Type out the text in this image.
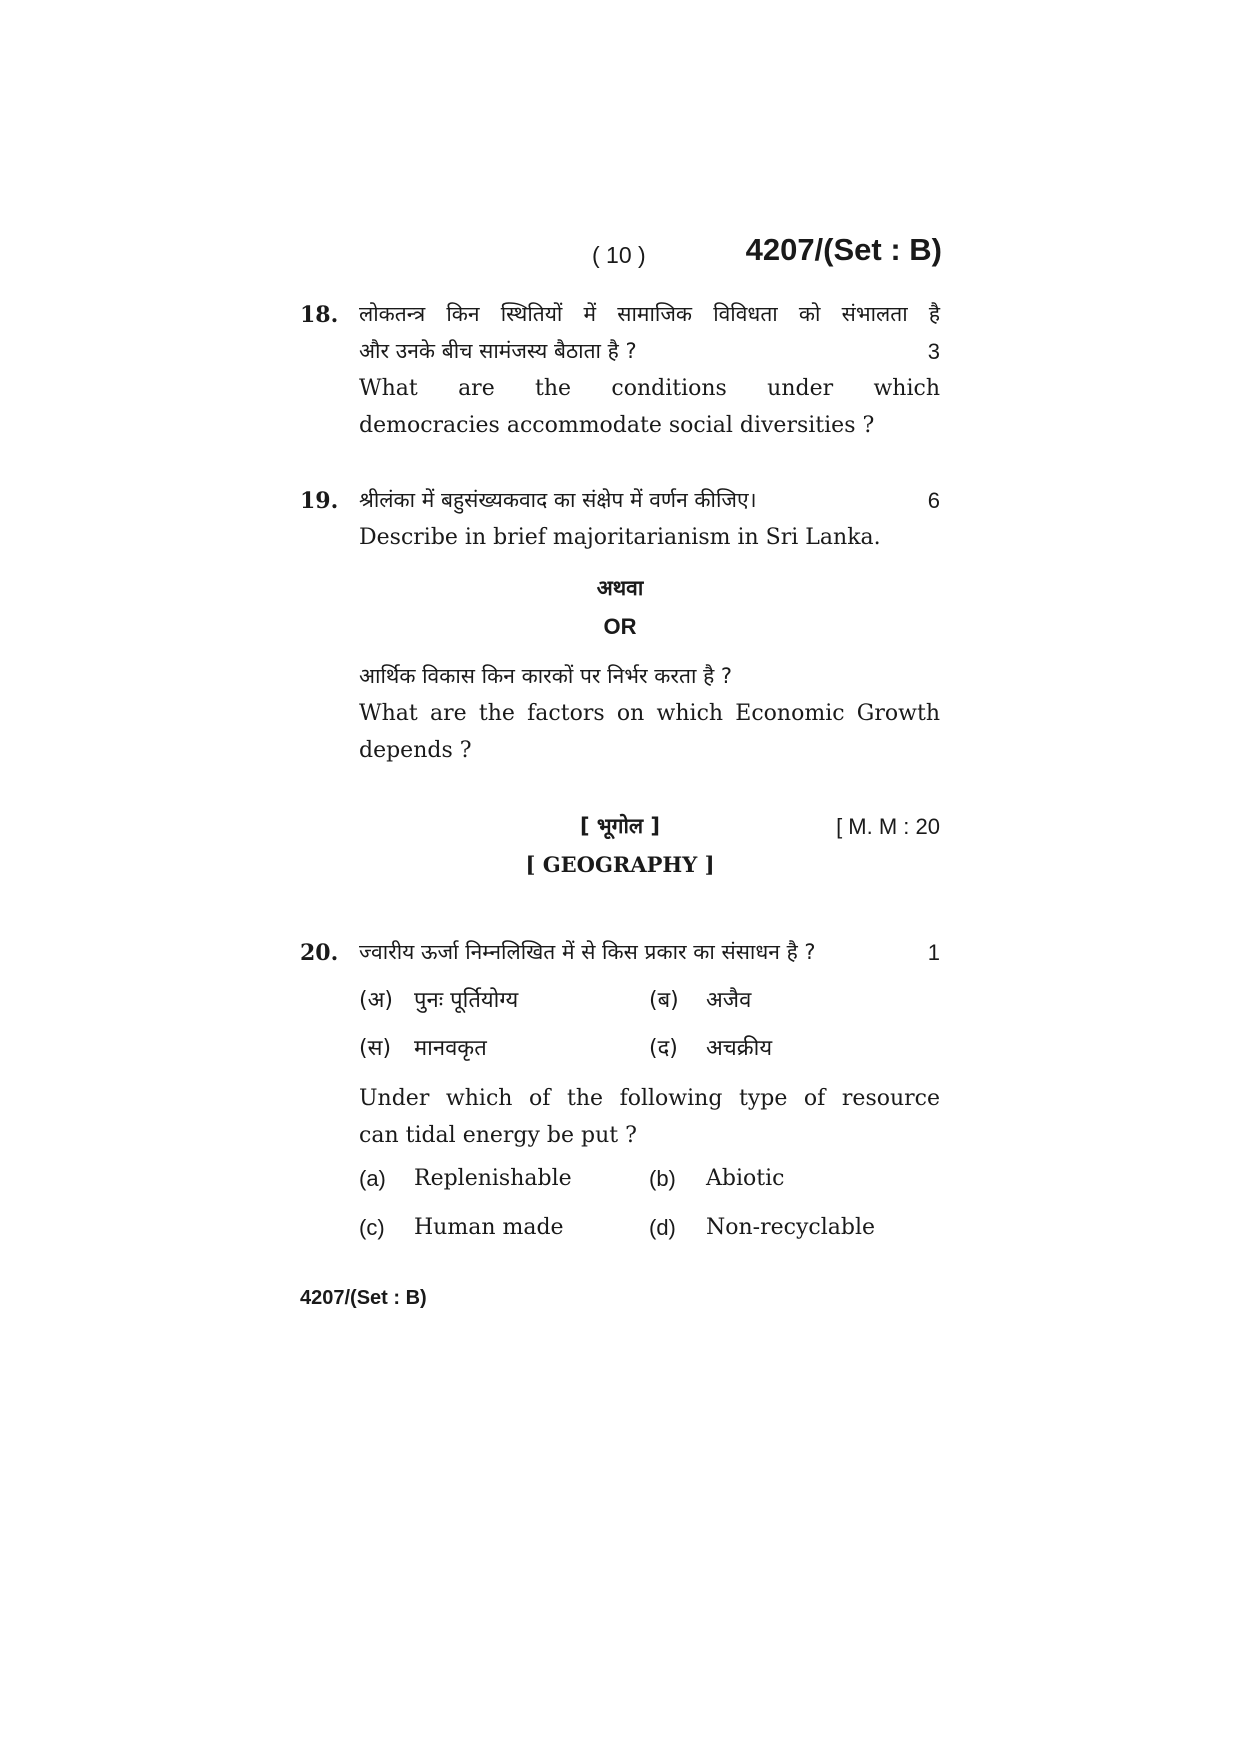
( 10 )	4207/(Set : B)
18. लोकतन्त्र किन स्थितियों में सामाजिक विविधता को संभालता है
और उनके बीच सामंजस्य बैठाता है ?	3
What are the conditions under which
democracies accommodate social diversities ?
19. श्रीलंका में बहुसंख्यकवाद का संक्षेप में वर्णन कीजिए।	6
Describe in brief majoritarianism in Sri Lanka.
अथवा
OR
आर्थिक विकास किन कारकों पर निर्भर करता है ?
What are the factors on which Economic Growth
depends ?
[ भूगोल ]	[ M. M : 20
[ GEOGRAPHY ]
20. ज्वारीय ऊर्जा निम्नलिखित में से किस प्रकार का संसाधन है ?	1
(अ) पुनः पूर्तियोग्य	(ब) अजैव
(स) मानवकृत	(द) अचक्रीय
Under which of the following type of resource
can tidal energy be put ?
(a) Replenishable	(b) Abiotic
(c) Human made	(d) Non-recyclable
4207/(Set : B)
